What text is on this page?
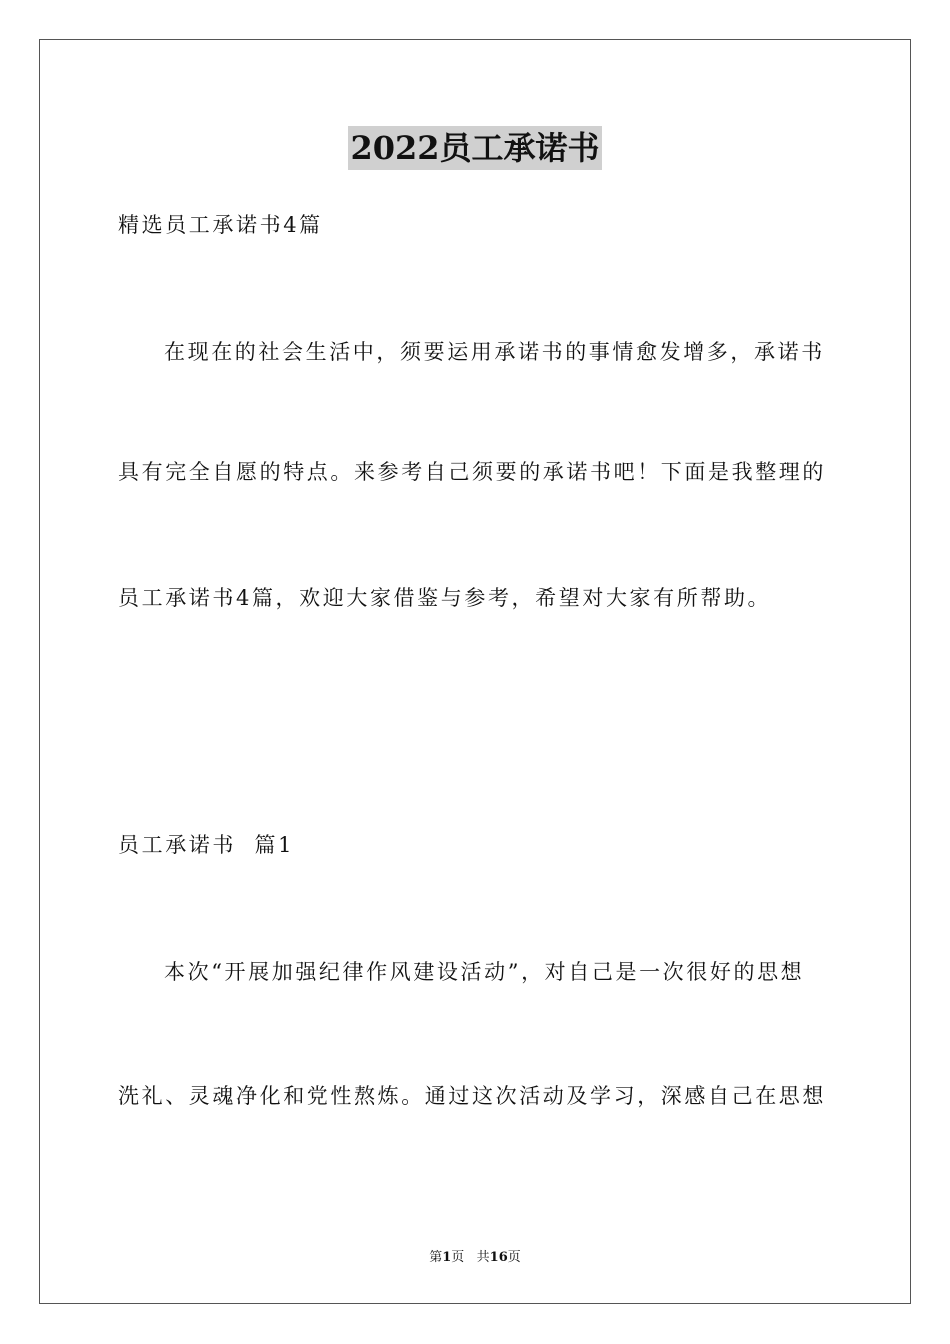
2022员工承诺书
精选员工承诺书4篇
在现在的社会生活中，须要运用承诺书的事情愈发增多，承诺书
具有完全自愿的特点。来参考自己须要的承诺书吧！下面是我整理的
员工承诺书4篇，欢迎大家借鉴与参考，希望对大家有所帮助。
员工承诺书  篇1
本次“开展加强纪律作风建设活动”，对自己是一次很好的思想
洗礼、灵魂净化和党性熬炼。通过这次活动及学习，深感自己在思想
第1页   共16页
